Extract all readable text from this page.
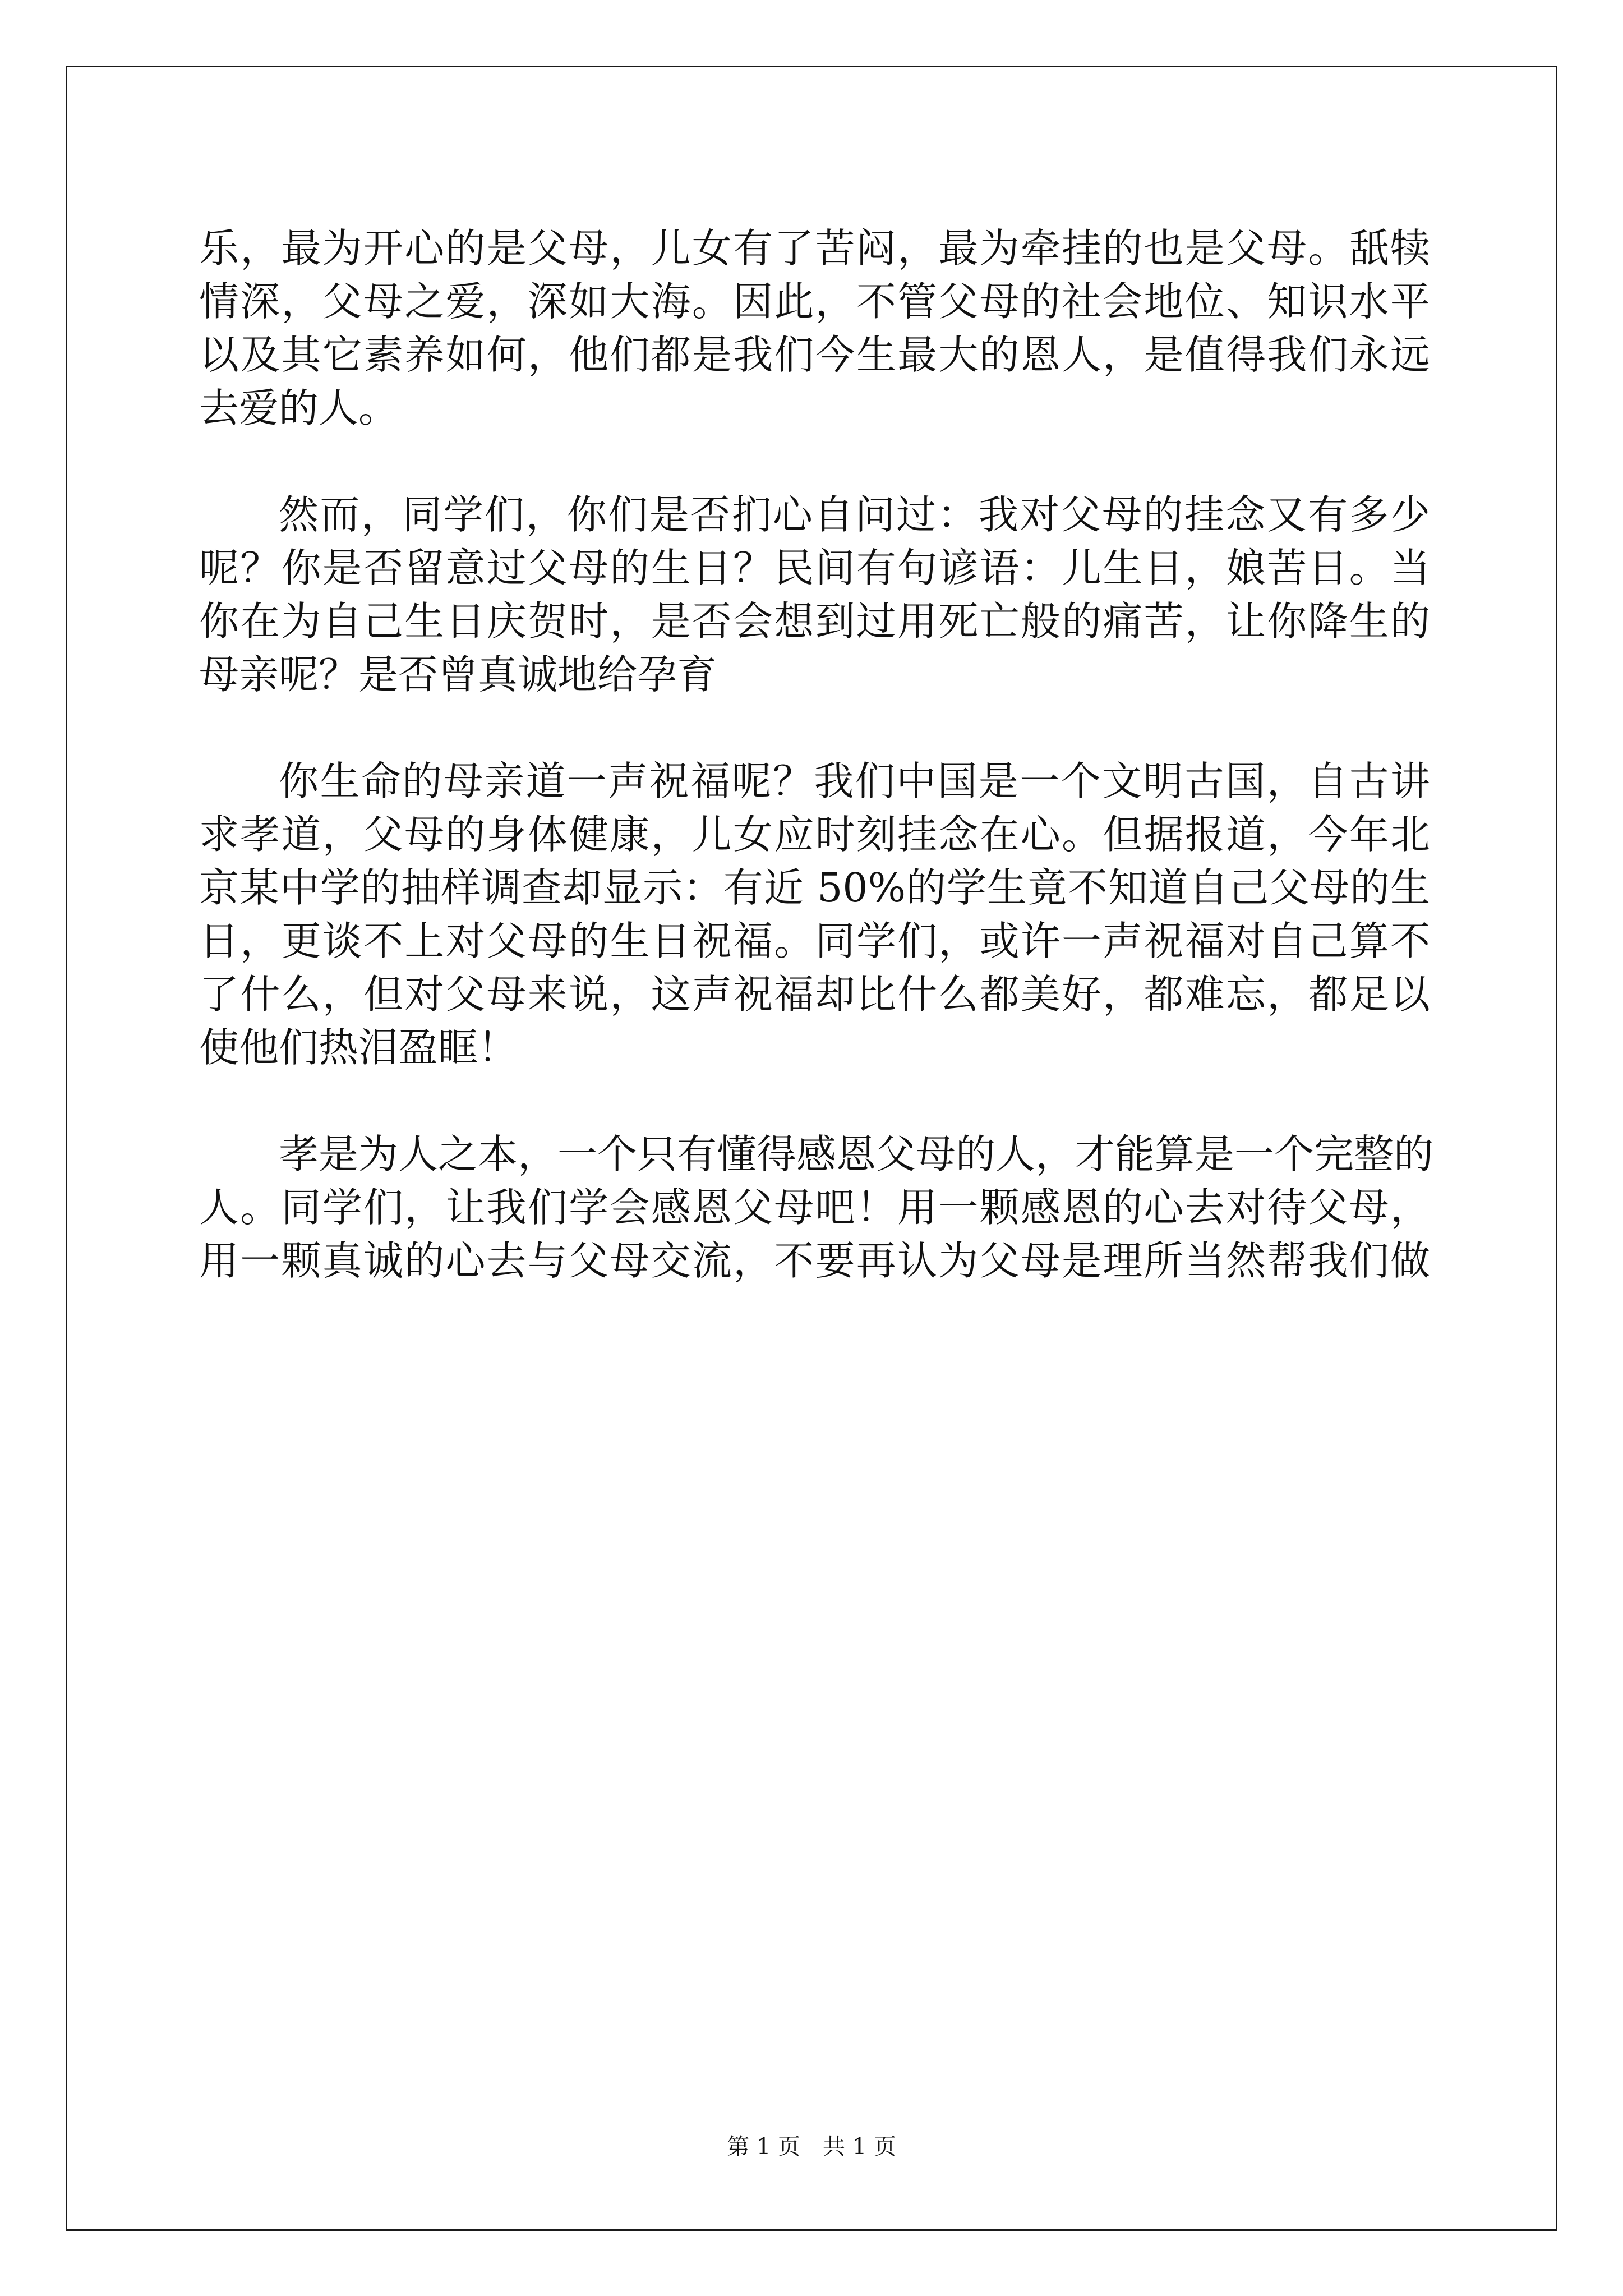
乐，最为开心的是父母，儿女有了苦闷，最为牵挂的也是父母。舐犊
情深，父母之爱，深如大海。因此，不管父母的社会地位、知识水平
以及其它素养如何，他们都是我们今生最大的恩人，是值得我们永远
去爱的人。
然而，同学们，你们是否扪心自问过：我对父母的挂念又有多少
呢？你是否留意过父母的生日？民间有句谚语：儿生日，娘苦日。当
你在为自己生日庆贺时，是否会想到过用死亡般的痛苦，让你降生的
母亲呢？是否曾真诚地给孕育
你生命的母亲道一声祝福呢？我们中国是一个文明古国，自古讲
求孝道，父母的身体健康，儿女应时刻挂念在心。但据报道，今年北
京某中学的抽样调查却显示：有近 50%的学生竟不知道自己父母的生
日，更谈不上对父母的生日祝福。同学们，或许一声祝福对自己算不
了什么，但对父母来说，这声祝福却比什么都美好，都难忘，都足以
使他们热泪盈眶！
孝是为人之本，一个只有懂得感恩父母的人，才能算是一个完整的
人。同学们，让我们学会感恩父母吧！用一颗感恩的心去对待父母，
用一颗真诚的心去与父母交流，不要再认为父母是理所当然帮我们做
第 1 页　共 1 页
